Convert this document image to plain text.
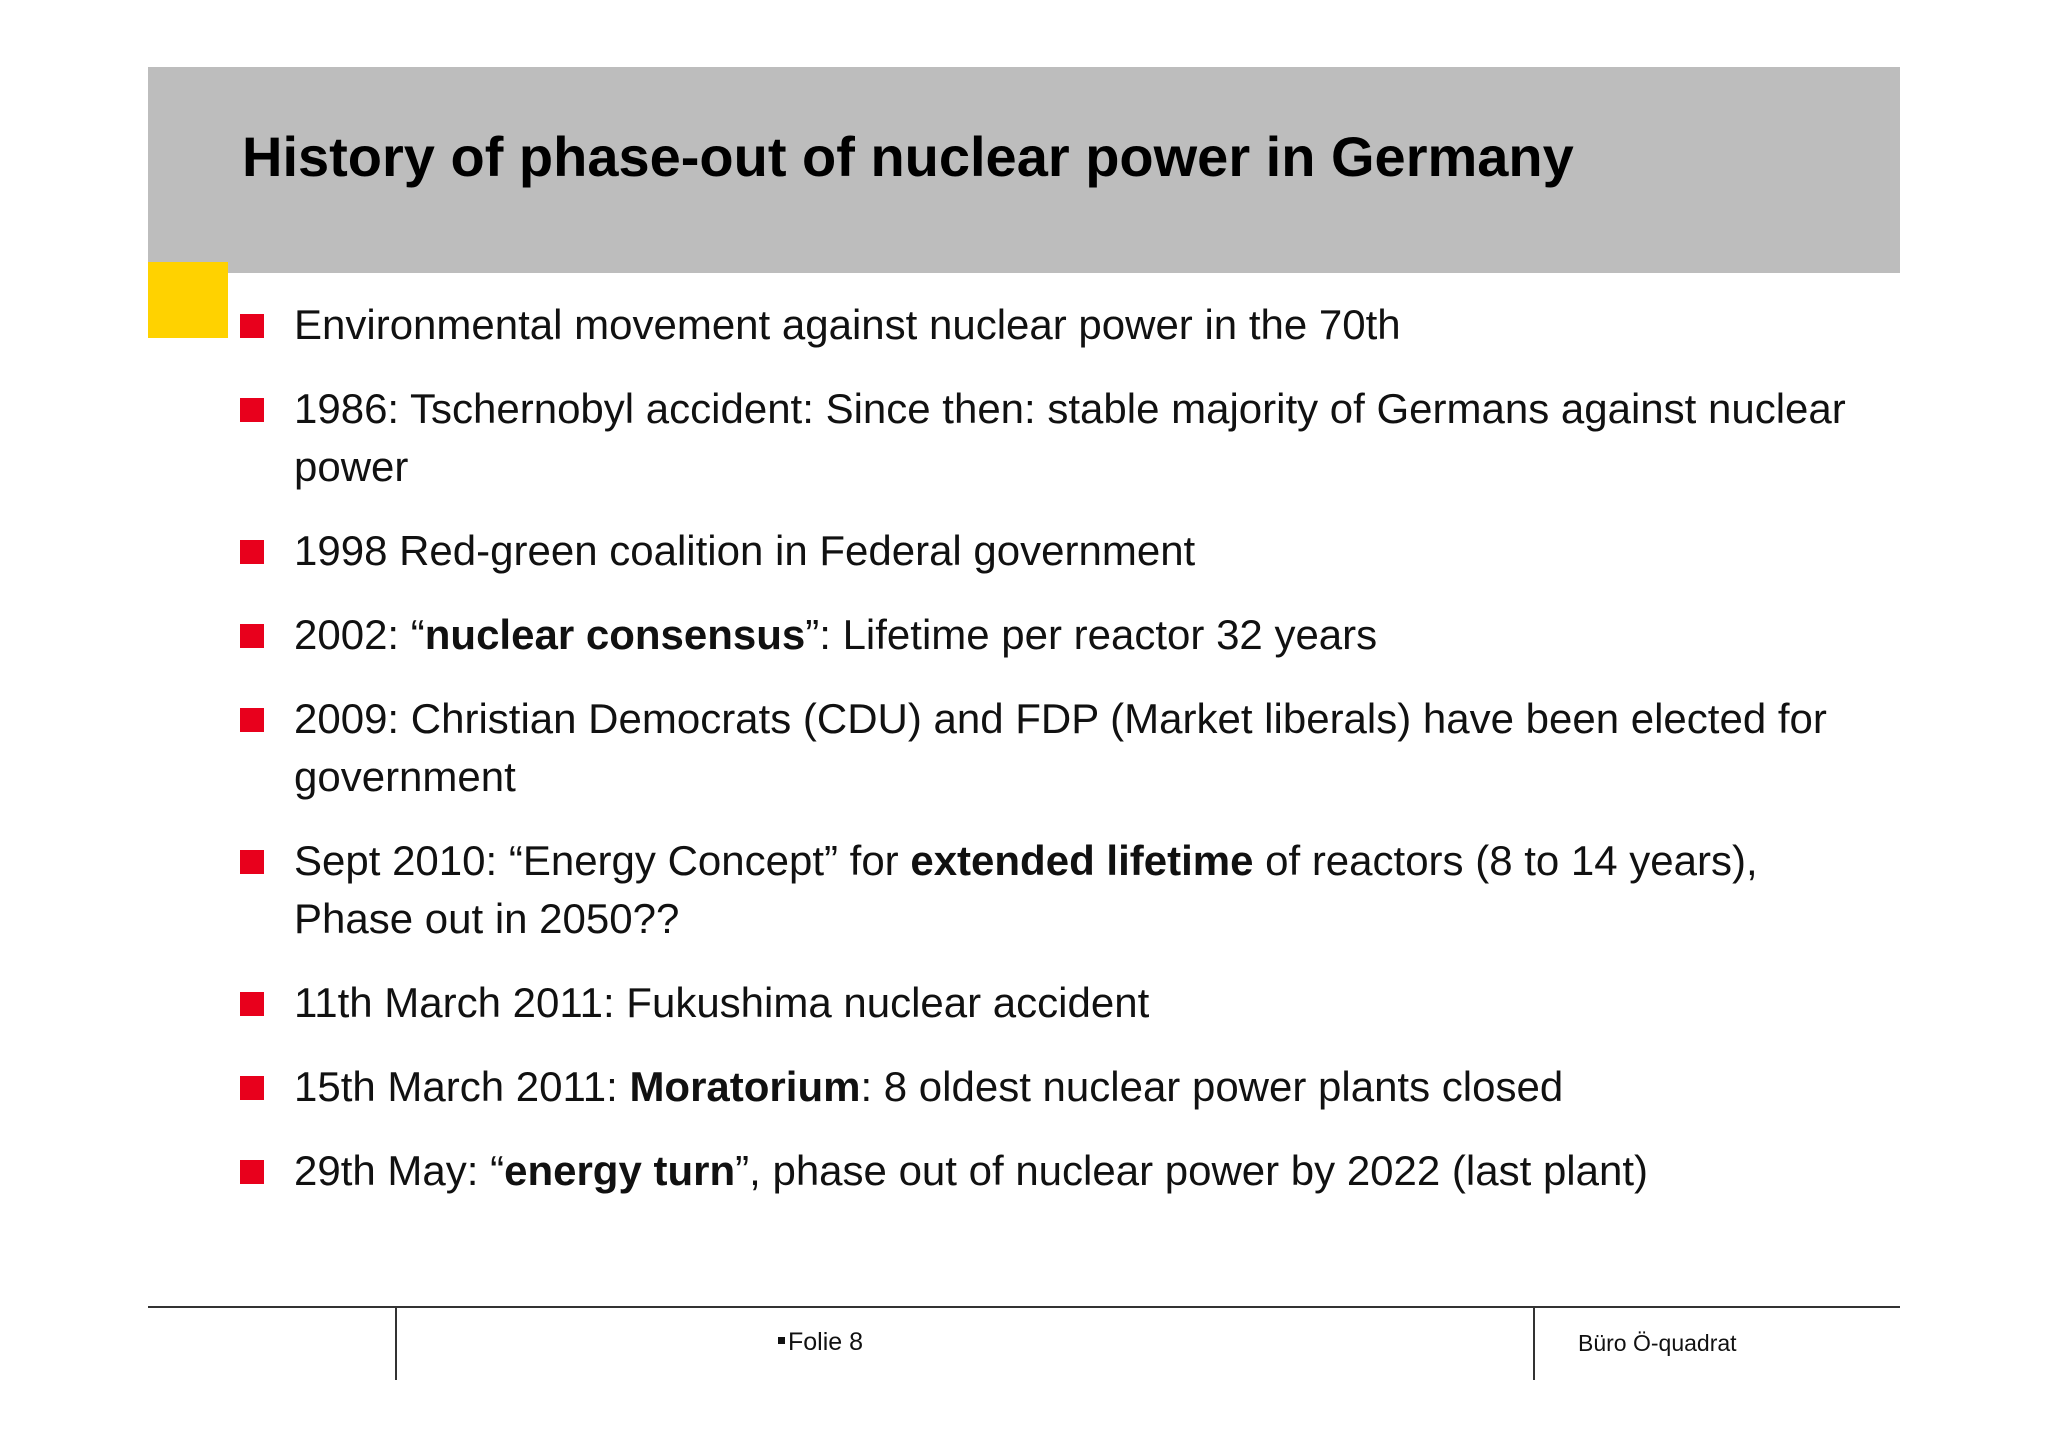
History of phase-out of nuclear power in Germany
Environmental movement against nuclear power in the 70th
1986: Tschernobyl accident: Since then: stable majority of Germans against nuclear power
1998 Red-green coalition in Federal government
2002: “nuclear consensus”: Lifetime per reactor 32 years
2009: Christian Democrats (CDU) and FDP (Market liberals) have been elected for government
Sept 2010: “Energy Concept” for extended lifetime of reactors (8 to 14 years), Phase out in 2050??
11th March 2011: Fukushima nuclear accident
15th March 2011: Moratorium: 8 oldest nuclear power plants closed
29th May: “energy turn”, phase out of nuclear power by 2022 (last plant)
Folie 8	Büro Ö-quadrat
